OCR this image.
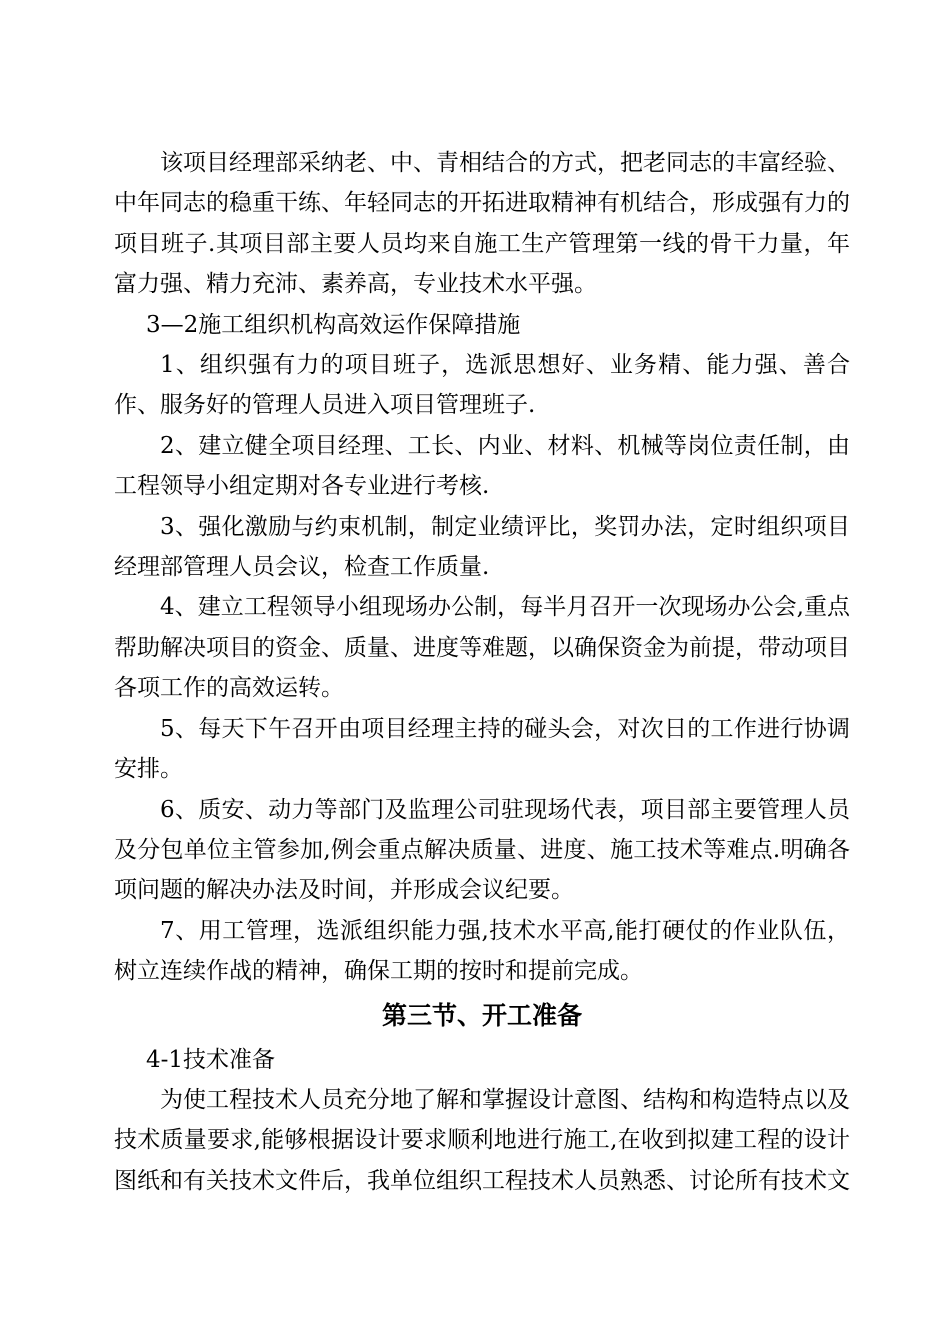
该项目经理部采纳老、中、青相结合的方式，把老同志的丰富经验、中年同志的稳重干练、年轻同志的开拓进取精神有机结合，形成强有力的项目班子.其项目部主要人员均来自施工生产管理第一线的骨干力量，年富力强、精力充沛、素养高，专业技术水平强。

3—2施工组织机构高效运作保障措施

1、组织强有力的项目班子，选派思想好、业务精、能力强、善合作、服务好的管理人员进入项目管理班子.

2、建立健全项目经理、工长、内业、材料、机械等岗位责任制，由工程领导小组定期对各专业进行考核.

3、强化激励与约束机制，制定业绩评比，奖罚办法，定时组织项目经理部管理人员会议，检查工作质量.

4、建立工程领导小组现场办公制，每半月召开一次现场办公会,重点帮助解决项目的资金、质量、进度等难题，以确保资金为前提，带动项目各项工作的高效运转。

5、每天下午召开由项目经理主持的碰头会，对次日的工作进行协调安排。

6、质安、动力等部门及监理公司驻现场代表，项目部主要管理人员及分包单位主管参加,例会重点解决质量、进度、施工技术等难点.明确各项问题的解决办法及时间，并形成会议纪要。

7、用工管理，选派组织能力强,技术水平高,能打硬仗的作业队伍，树立连续作战的精神，确保工期的按时和提前完成。

第三节、开工准备

4-1技术准备

为使工程技术人员充分地了解和掌握设计意图、结构和构造特点以及技术质量要求,能够根据设计要求顺利地进行施工,在收到拟建工程的设计图纸和有关技术文件后，我单位组织工程技术人员熟悉、讨论所有技术文
